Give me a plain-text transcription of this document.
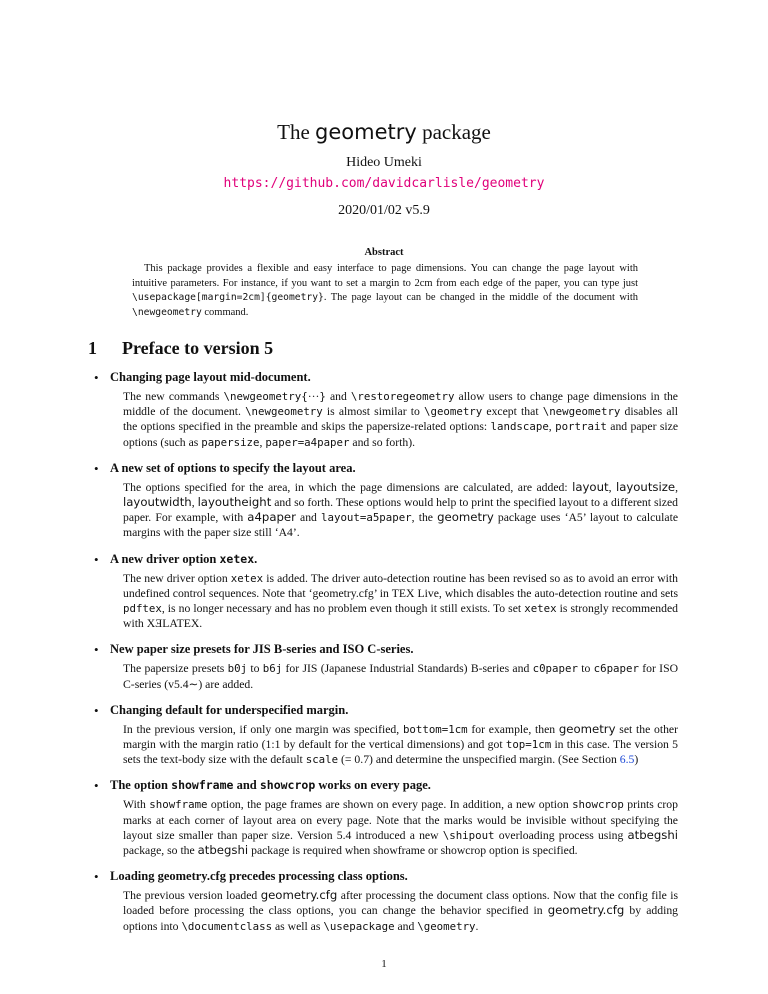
The geometry package
Hideo Umeki
https://github.com/davidcarlisle/geometry
2020/01/02 v5.9
Abstract
This package provides a flexible and easy interface to page dimensions. You can change the page layout with intuitive parameters. For instance, if you want to set a margin to 2cm from each edge of the paper, you can type just \usepackage[margin=2cm]{geometry}. The page layout can be changed in the middle of the document with \newgeometry command.
1 Preface to version 5
• Changing page layout mid-document.
The new commands \newgeometry{···} and \restoregeometry allow users to change page dimensions in the middle of the document. \newgeometry is almost similar to \geometry except that \newgeometry disables all the options specified in the preamble and skips the papersize-related options: landscape, portrait and paper size options (such as papersize, paper=a4paper and so forth).
• A new set of options to specify the layout area.
The options specified for the area, in which the page dimensions are calculated, are added: layout, layoutsize, layoutwidth, layoutheight and so forth. These options would help to print the specified layout to a different sized paper. For example, with a4paper and layout=a5paper, the geometry package uses ‘A5’ layout to calculate margins with the paper size still ‘A4’.
• A new driver option xetex.
The new driver option xetex is added. The driver auto-detection routine has been revised so as to avoid an error with undefined control sequences. Note that ‘geometry.cfg’ in TEX Live, which disables the auto-detection routine and sets pdftex, is no longer necessary and has no problem even though it still exists. To set xetex is strongly recommended with XƎLATEX.
• New paper size presets for JIS B-series and ISO C-series.
The papersize presets b0j to b6j for JIS (Japanese Industrial Standards) B-series and c0paper to c6paper for ISO C-series (v5.4∼) are added.
• Changing default for underspecified margin.
In the previous version, if only one margin was specified, bottom=1cm for example, then geometry set the other margin with the margin ratio (1:1 by default for the vertical dimensions) and got top=1cm in this case. The version 5 sets the text-body size with the default scale (= 0.7) and determine the unspecified margin. (See Section 6.5)
• The option showframe and showcrop works on every page.
With showframe option, the page frames are shown on every page. In addition, a new option showcrop prints crop marks at each corner of layout area on every page. Note that the marks would be invisible without specifying the layout size smaller than paper size. Version 5.4 introduced a new \shipout overloading process using atbegshi package, so the atbegshi package is required when showframe or showcrop option is specified.
• Loading geometry.cfg precedes processing class options.
The previous version loaded geometry.cfg after processing the document class options. Now that the config file is loaded before processing the class options, you can change the behavior specified in geometry.cfg by adding options into \documentclass as well as \usepackage and \geometry.
1
